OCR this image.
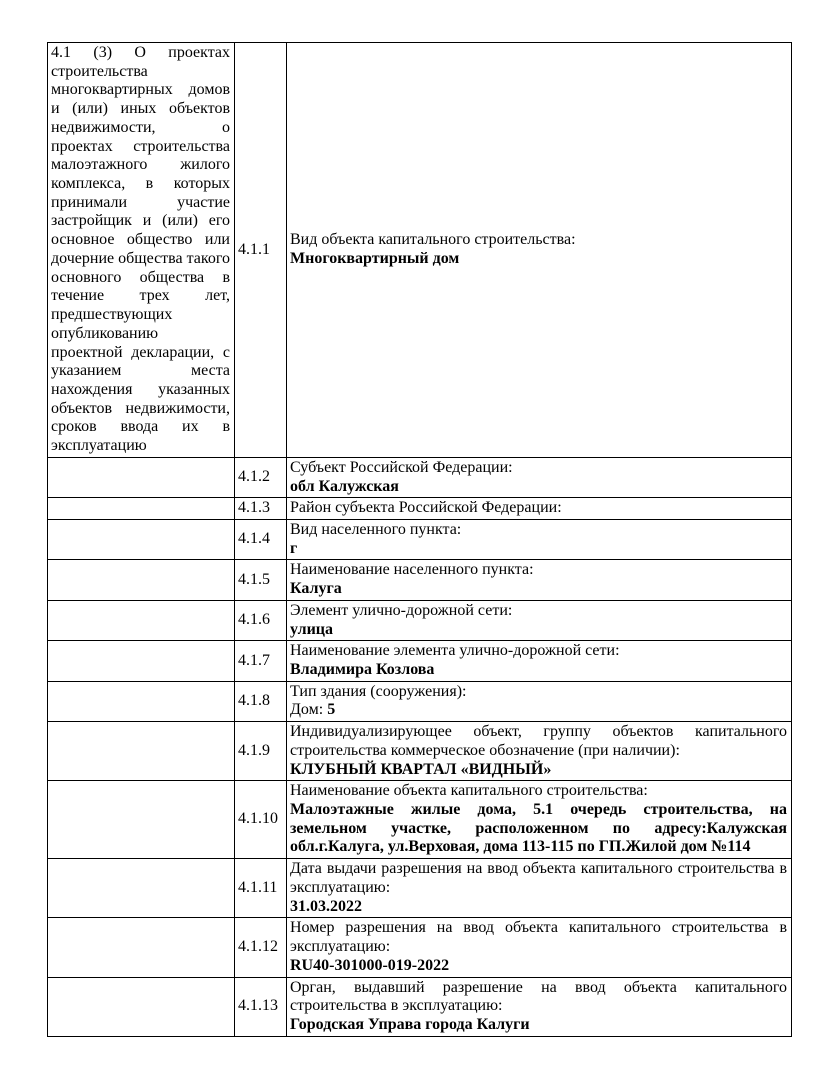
4.1 (3) О проектах строительства многоквартирных домов и (или) иных объектов недвижимости, о проектах строительства малоэтажного жилого комплекса, в которых принимали участие застройщик и (или) его основное общество или дочерние общества такого основного общества в течение трех лет, предшествующих опубликованию проектной декларации, с указанием места нахождения указанных объектов недвижимости, сроков ввода их в эксплуатацию	4.1.1	Вид объекта капитального строительства:
Многоквартирный дом

	4.1.2	Субъект Российской Федерации:
обл Калужская

	4.1.3	Район субъекта Российской Федерации:

	4.1.4	Вид населенного пункта:
г

	4.1.5	Наименование населенного пункта:
Калуга

	4.1.6	Элемент улично-дорожной сети:
улица

	4.1.7	Наименование элемента улично-дорожной сети:
Владимира Козлова

	4.1.8	Тип здания (сооружения):
Дом: 5

	4.1.9	Индивидуализирующее объект, группу объектов капитального строительства коммерческое обозначение (при наличии):
КЛУБНЫЙ КВАРТАЛ «ВИДНЫЙ»

	4.1.10	Наименование объекта капитального строительства:
Малоэтажные жилые дома, 5.1 очередь строительства, на земельном участке, расположенном по адресу:Калужская обл.г.Калуга, ул.Верховая, дома 113-115 по ГП.Жилой дом №114

	4.1.11	Дата выдачи разрешения на ввод объекта капитального строительства в эксплуатацию:
31.03.2022

	4.1.12	Номер разрешения на ввод объекта капитального строительства в эксплуатацию:
RU40-301000-019-2022

	4.1.13	Орган, выдавший разрешение на ввод объекта капитального строительства в эксплуатацию:
Городская Управа города Калуги
